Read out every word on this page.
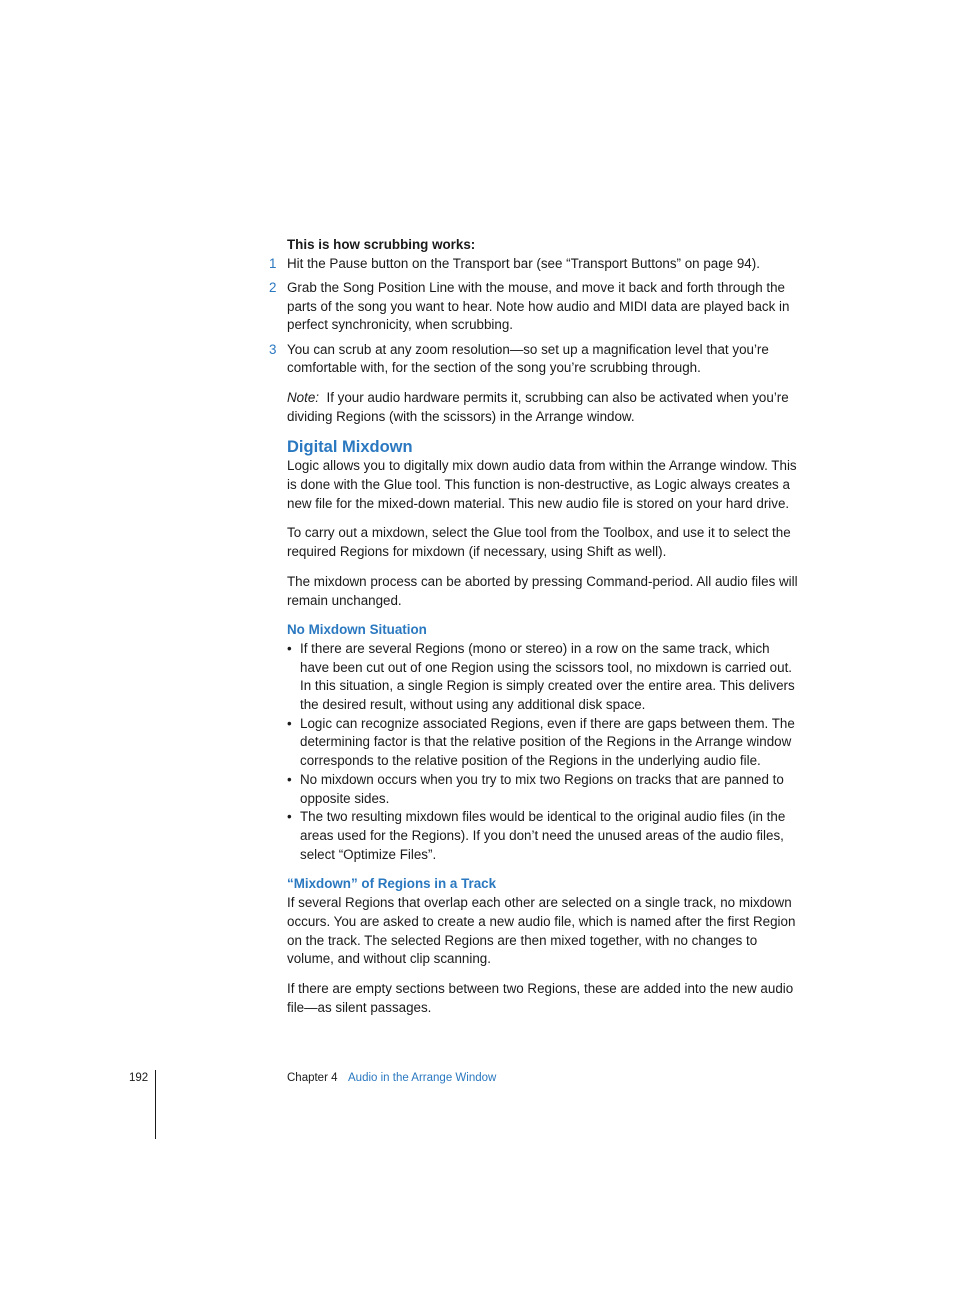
This is how scrubbing works:

1 Hit the Pause button on the Transport bar (see “Transport Buttons” on page 94).
2 Grab the Song Position Line with the mouse, and move it back and forth through the parts of the song you want to hear. Note how audio and MIDI data are played back in perfect synchronicity, when scrubbing.
3 You can scrub at any zoom resolution—so set up a magnification level that you’re comfortable with, for the section of the song you’re scrubbing through.

Note: If your audio hardware permits it, scrubbing can also be activated when you’re dividing Regions (with the scissors) in the Arrange window.

Digital Mixdown

Logic allows you to digitally mix down audio data from within the Arrange window. This is done with the Glue tool. This function is non-destructive, as Logic always creates a new file for the mixed-down material. This new audio file is stored on your hard drive.

To carry out a mixdown, select the Glue tool from the Toolbox, and use it to select the required Regions for mixdown (if necessary, using Shift as well).

The mixdown process can be aborted by pressing Command-period. All audio files will remain unchanged.

No Mixdown Situation
• If there are several Regions (mono or stereo) in a row on the same track, which have been cut out of one Region using the scissors tool, no mixdown is carried out. In this situation, a single Region is simply created over the entire area. This delivers the desired result, without using any additional disk space.
• Logic can recognize associated Regions, even if there are gaps between them. The determining factor is that the relative position of the Regions in the Arrange window corresponds to the relative position of the Regions in the underlying audio file.
• No mixdown occurs when you try to mix two Regions on tracks that are panned to opposite sides.
• The two resulting mixdown files would be identical to the original audio files (in the areas used for the Regions). If you don’t need the unused areas of the audio files, select “Optimize Files”.
“Mixdown” of Regions in a Track

If several Regions that overlap each other are selected on a single track, no mixdown occurs. You are asked to create a new audio file, which is named after the first Region on the track. The selected Regions are then mixed together, with no changes to volume, and without clip scanning.

If there are empty sections between two Regions, these are added into the new audio file—as silent passages.

192	Chapter 4 Audio in the Arrange Window
